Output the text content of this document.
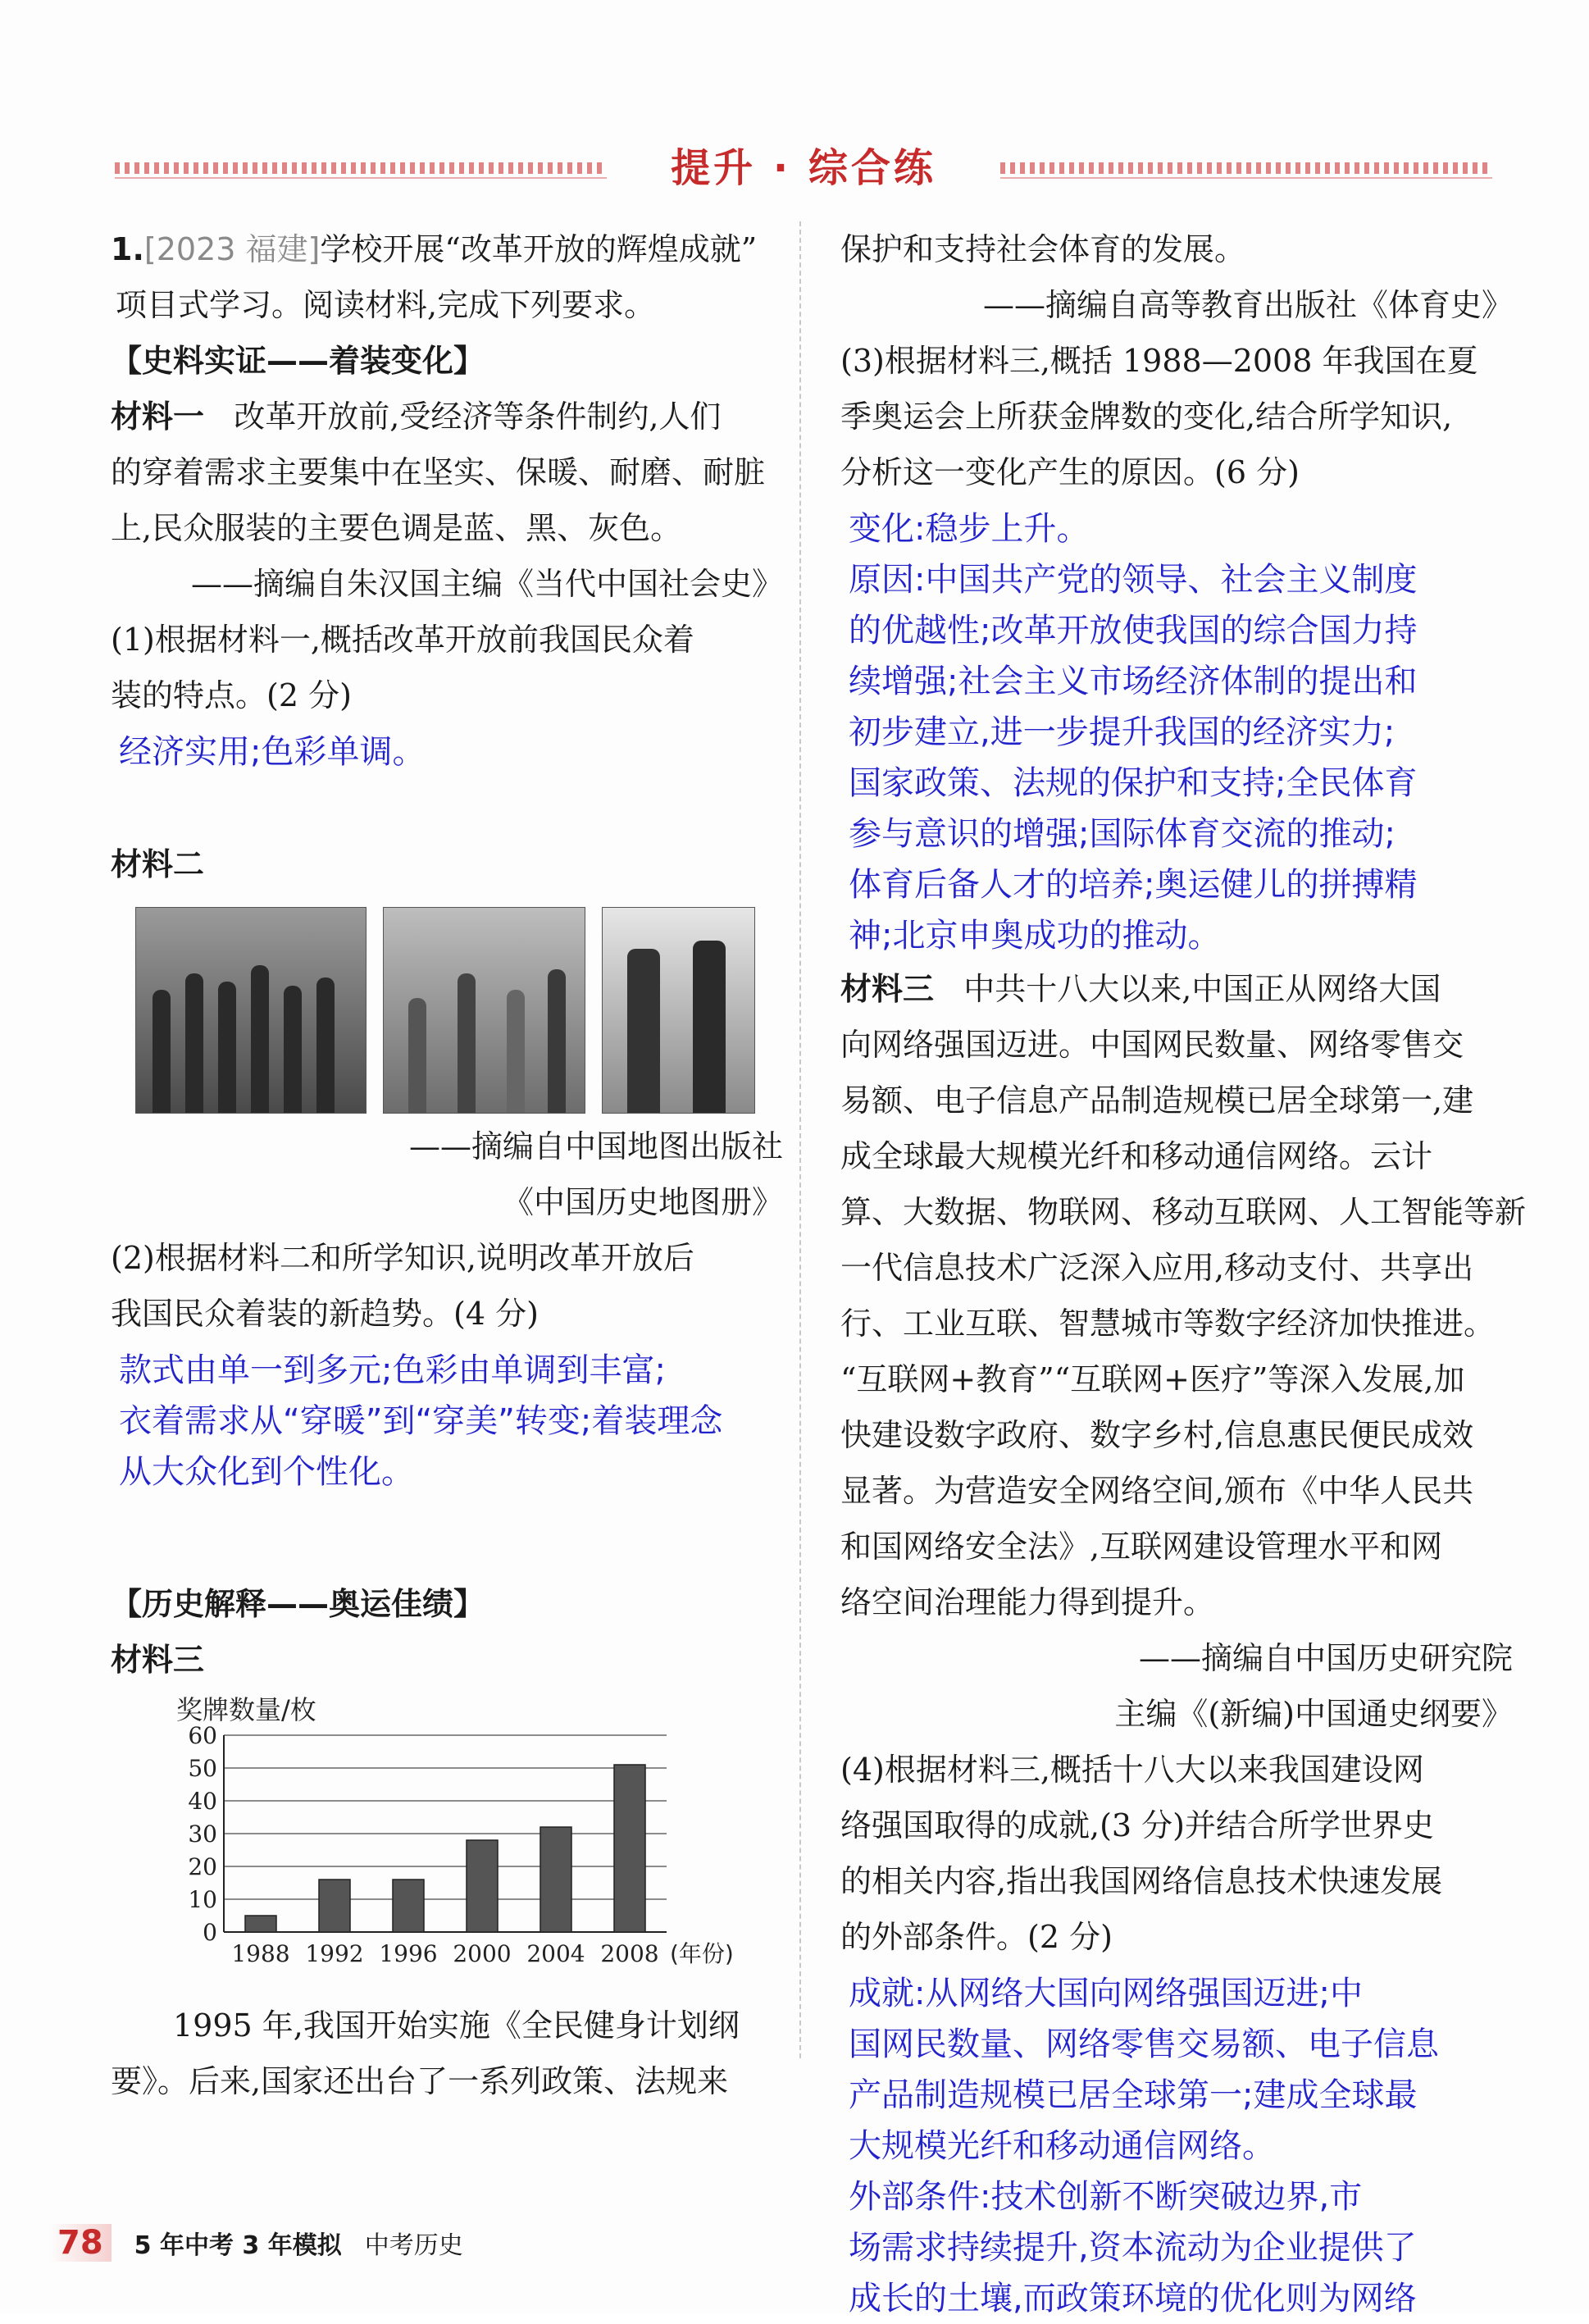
提升 · 综合练
1.[2023 福建]学校开展“改革开放的辉煌成就”
项目式学习。阅读材料,完成下列要求。
【史料实证——着装变化】
材料一 改革开放前,受经济等条件制约,人们
的穿着需求主要集中在坚实、保暖、耐磨、耐脏
上,民众服装的主要色调是蓝、黑、灰色。
——摘编自朱汉国主编《当代中国社会史》
(1)根据材料一,概括改革开放前我国民众着
装的特点。(2 分)
经济实用;色彩单调。
材料二
——摘编自中国地图出版社
《中国历史地图册》
(2)根据材料二和所学知识,说明改革开放后
我国民众着装的新趋势。(4 分)
款式由单一到多元;色彩由单调到丰富;
衣着需求从“穿暖”到“穿美”转变;着装理念
从大众化到个性化。
【历史解释——奥运佳绩】
材料三
奖牌数量/枚
0
10
20
30
40
50
60
1988 1992 1996 2000 2004 2008 (年份)
1995 年,我国开始实施《全民健身计划纲
要》。后来,国家还出台了一系列政策、法规来
保护和支持社会体育的发展。
——摘编自高等教育出版社《体育史》
(3)根据材料三,概括 1988—2008 年我国在夏
季奥运会上所获金牌数的变化,结合所学知识,
分析这一变化产生的原因。(6 分)
变化:稳步上升。
原因:中国共产党的领导、社会主义制度
的优越性;改革开放使我国的综合国力持
续增强;社会主义市场经济体制的提出和
初步建立,进一步提升我国的经济实力;
国家政策、法规的保护和支持;全民体育
参与意识的增强;国际体育交流的推动;
体育后备人才的培养;奥运健儿的拼搏精
神;北京申奥成功的推动。
材料三 中共十八大以来,中国正从网络大国
向网络强国迈进。中国网民数量、网络零售交
易额、电子信息产品制造规模已居全球第一,建
成全球最大规模光纤和移动通信网络。云计
算、大数据、物联网、移动互联网、人工智能等新
一代信息技术广泛深入应用,移动支付、共享出
行、工业互联、智慧城市等数字经济加快推进。
“互联网+教育”“互联网+医疗”等深入发展,加
快建设数字政府、数字乡村,信息惠民便民成效
显著。为营造安全网络空间,颁布《中华人民共
和国网络安全法》,互联网建设管理水平和网
络空间治理能力得到提升。
——摘编自中国历史研究院
主编《(新编)中国通史纲要》
(4)根据材料三,概括十八大以来我国建设网
络强国取得的成就,(3 分)并结合所学世界史
的相关内容,指出我国网络信息技术快速发展
的外部条件。(2 分)
成就:从网络大国向网络强国迈进;中
国网民数量、网络零售交易额、电子信息
产品制造规模已居全球第一;建成全球最
大规模光纤和移动通信网络。
外部条件:技术创新不断突破边界,市
场需求持续提升,资本流动为企业提供了
成长的土壤,而政策环境的优化则为网络
78	5 年中考 3 年模拟 中考历史
